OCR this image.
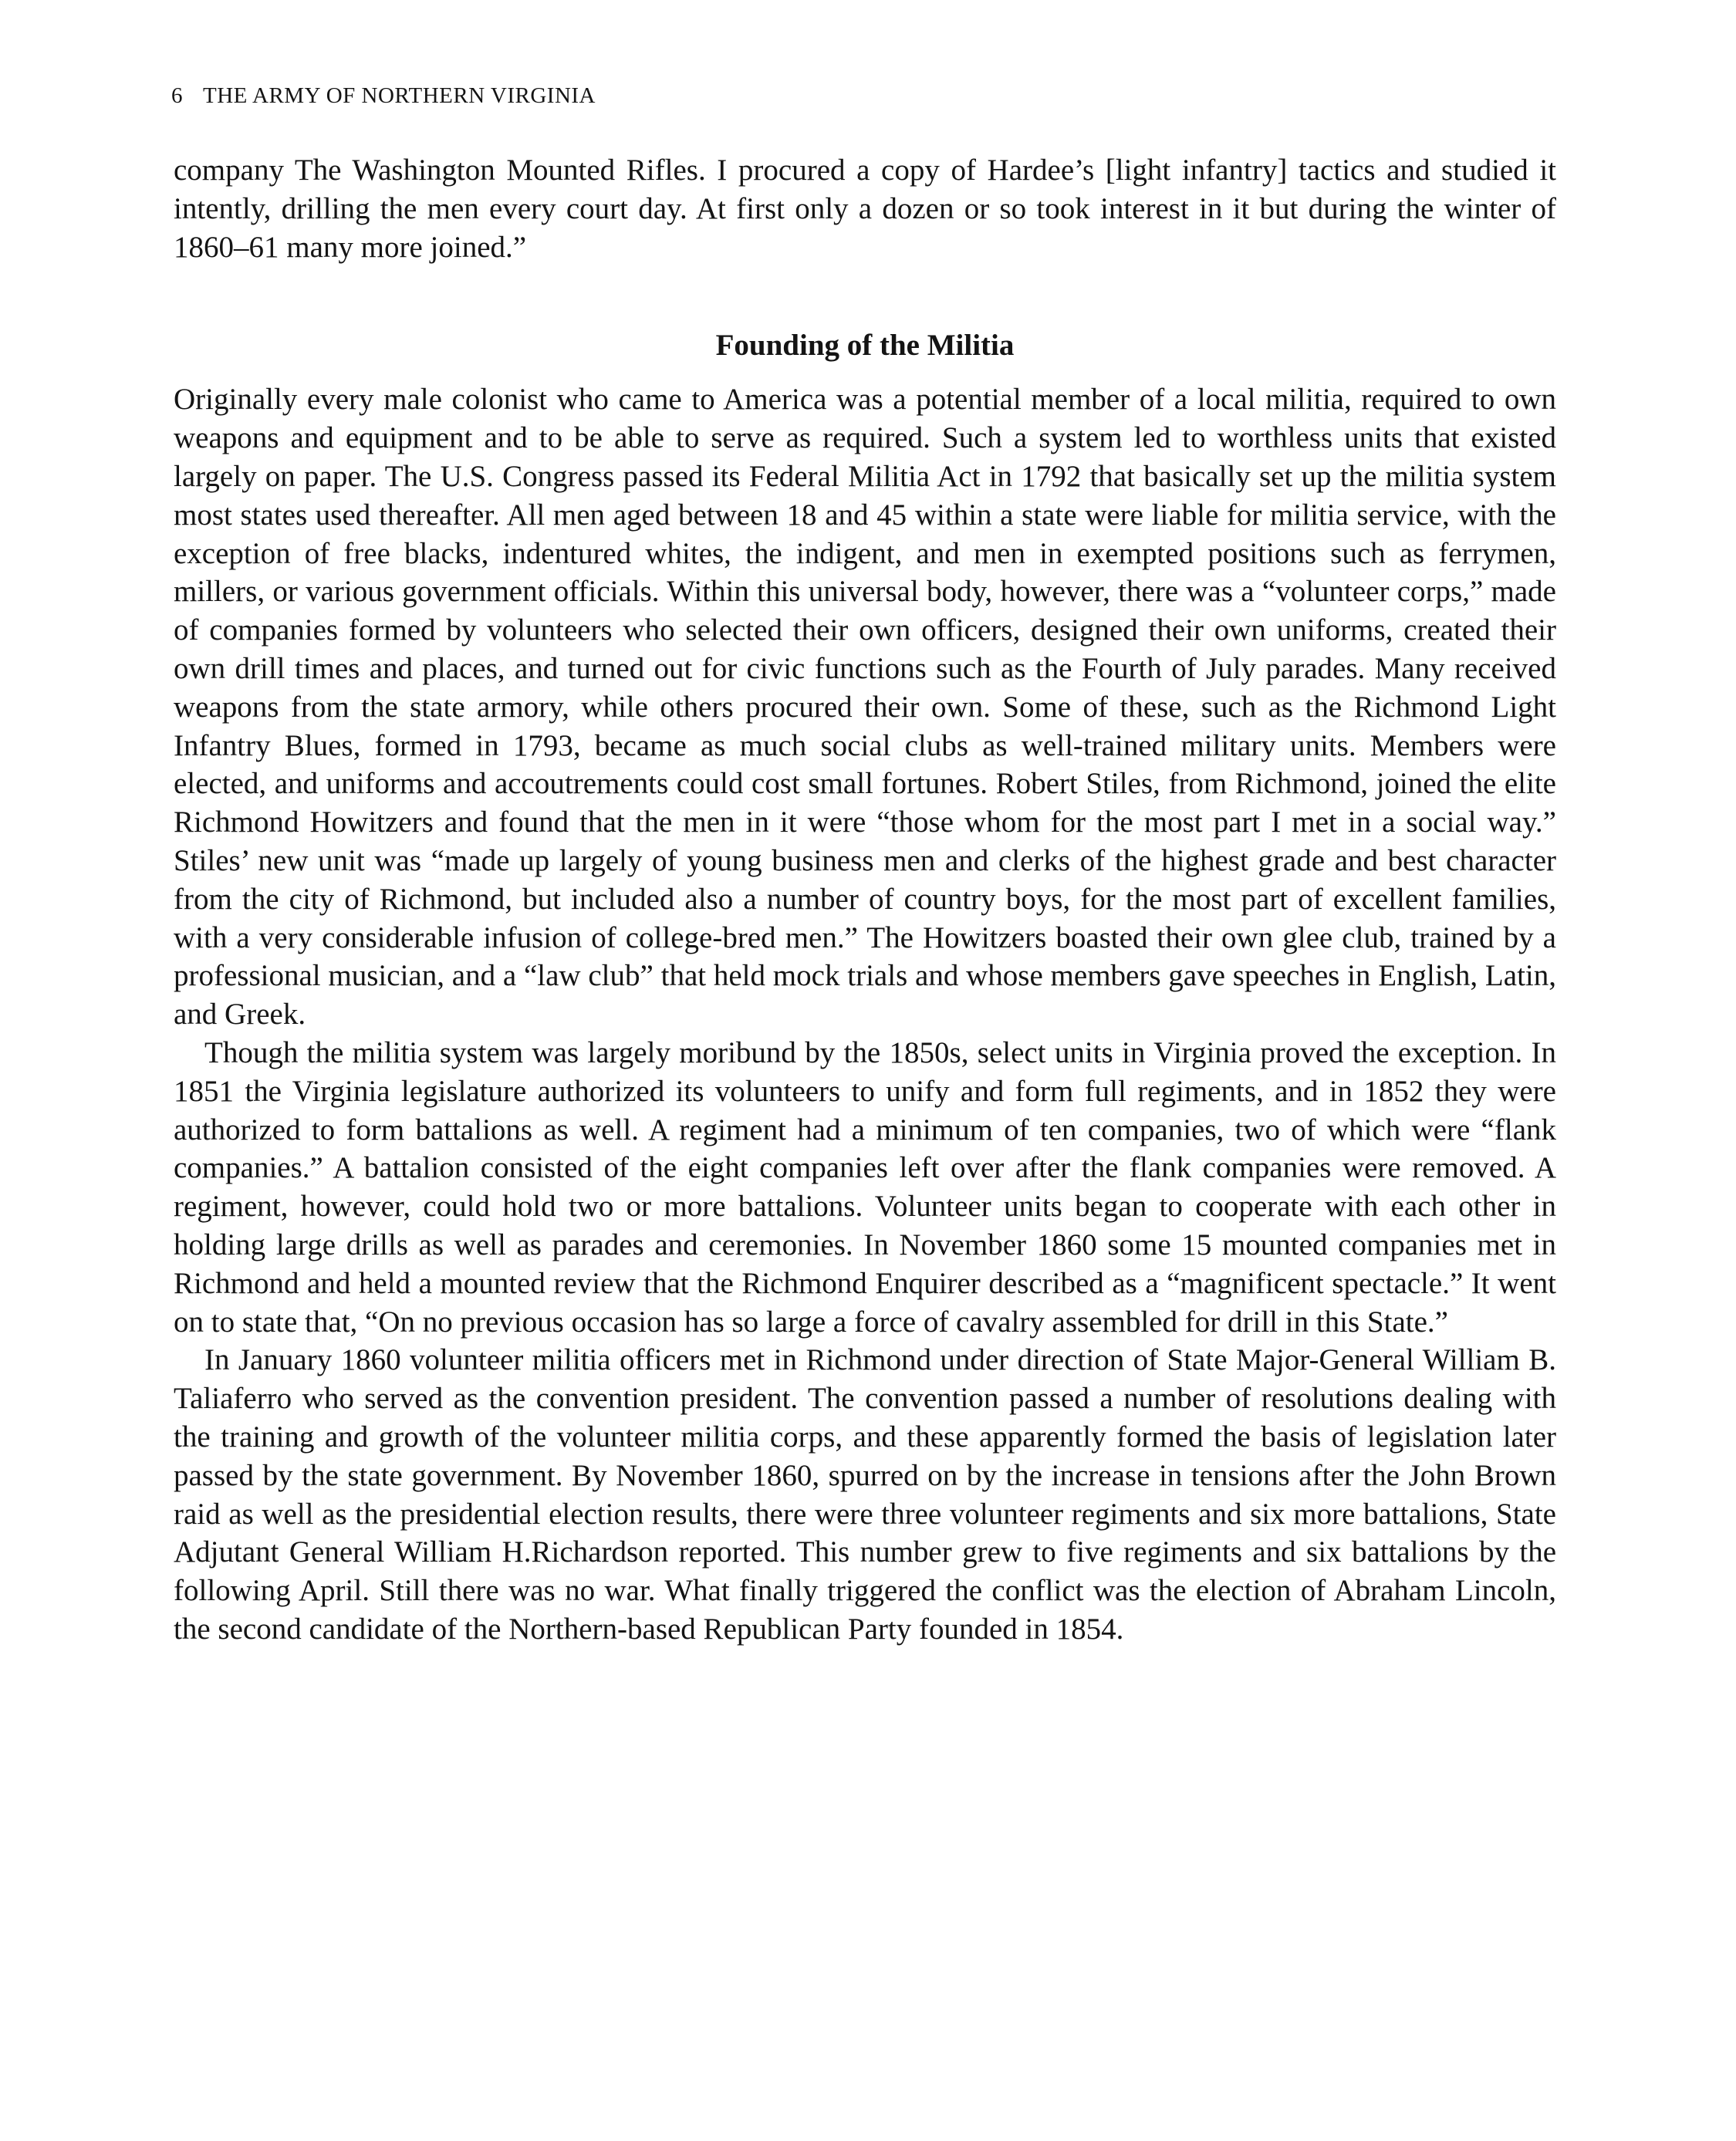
6 THE ARMY OF NORTHERN VIRGINIA

company The Washington Mounted Rifles. I procured a copy of Hardee’s [light infantry] tactics and studied it intently, drilling the men every court day. At first only a dozen or so took interest in it but during the winter of 1860–61 many more joined.”

Founding of the Militia

Originally every male colonist who came to America was a potential member of a local militia, required to own weapons and equipment and to be able to serve as required. Such a system led to worthless units that existed largely on paper. The U.S. Congress passed its Federal Militia Act in 1792 that basically set up the militia system most states used thereafter. All men aged between 18 and 45 within a state were liable for militia service, with the exception of free blacks, indentured whites, the indigent, and men in exempted positions such as ferrymen, millers, or various government officials. Within this universal body, however, there was a “volunteer corps,” made of companies formed by volunteers who selected their own officers, designed their own uniforms, created their own drill times and places, and turned out for civic functions such as the Fourth of July parades. Many received weapons from the state armory, while others procured their own. Some of these, such as the Richmond Light Infantry Blues, formed in 1793, became as much social clubs as well-trained military units. Members were elected, and uniforms and accoutrements could cost small fortunes. Robert Stiles, from Richmond, joined the elite Richmond Howitzers and found that the men in it were “those whom for the most part I met in a social way.” Stiles’ new unit was “made up largely of young business men and clerks of the highest grade and best character from the city of Richmond, but included also a number of country boys, for the most part of excellent families, with a very considerable infusion of college-bred men.” The Howitzers boasted their own glee club, trained by a professional musician, and a “law club” that held mock trials and whose members gave speeches in English, Latin, and Greek.

Though the militia system was largely moribund by the 1850s, select units in Virginia proved the exception. In 1851 the Virginia legislature authorized its volunteers to unify and form full regiments, and in 1852 they were authorized to form battalions as well. A regiment had a minimum of ten companies, two of which were “flank companies.” A battalion consisted of the eight companies left over after the flank companies were removed. A regiment, however, could hold two or more battalions. Volunteer units began to cooperate with each other in holding large drills as well as parades and ceremonies. In November 1860 some 15 mounted companies met in Richmond and held a mounted review that the Richmond Enquirer described as a “magnificent spectacle.” It went on to state that, “On no previous occasion has so large a force of cavalry assembled for drill in this State.”

In January 1860 volunteer militia officers met in Richmond under direction of State Major-General William B. Taliaferro who served as the convention president. The convention passed a number of resolutions dealing with the training and growth of the volunteer militia corps, and these apparently formed the basis of legislation later passed by the state government. By November 1860, spurred on by the increase in tensions after the John Brown raid as well as the presidential election results, there were three volunteer regiments and six more battalions, State Adjutant General William H.Richardson reported. This number grew to five regiments and six battalions by the following April. Still there was no war. What finally triggered the conflict was the election of Abraham Lincoln, the second candidate of the Northern-based Republican Party founded in 1854.
